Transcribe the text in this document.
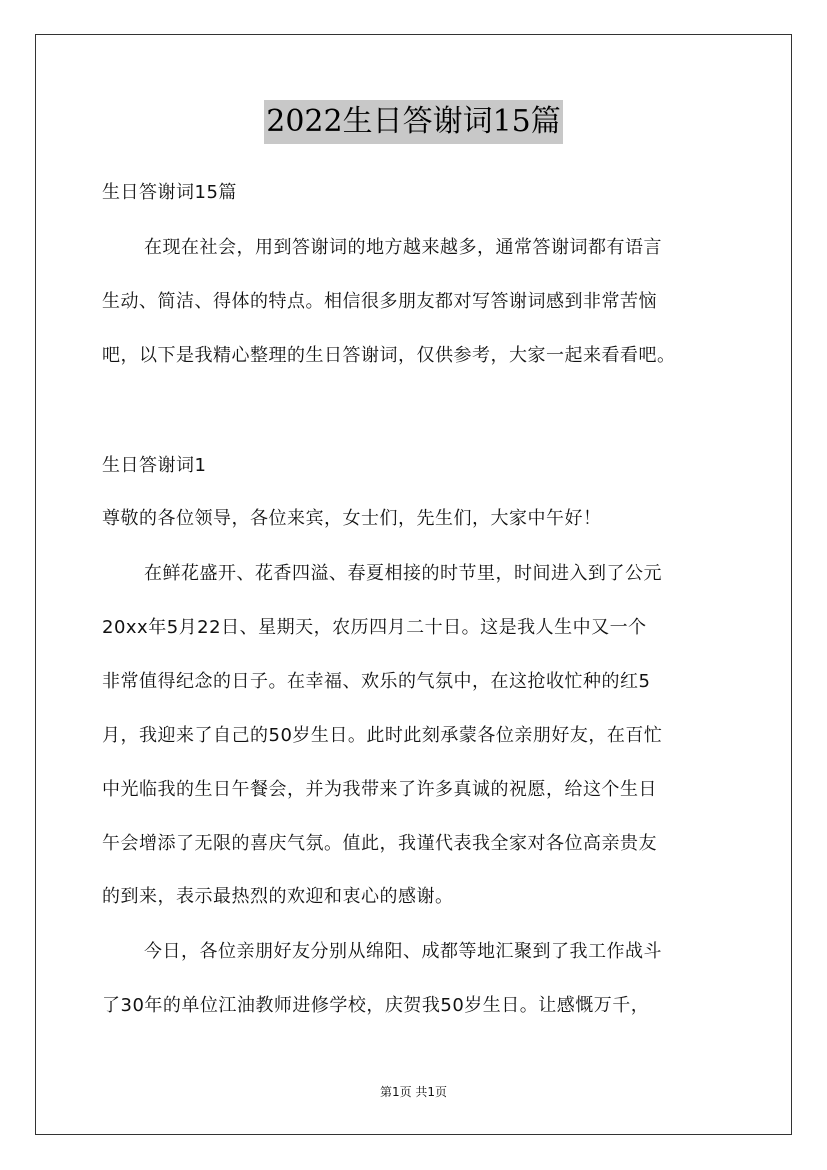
2022生日答谢词15篇
生日答谢词15篇
在现在社会，用到答谢词的地方越来越多，通常答谢词都有语言
生动、简洁、得体的特点。相信很多朋友都对写答谢词感到非常苦恼
吧，以下是我精心整理的生日答谢词，仅供参考，大家一起来看看吧。
生日答谢词1
尊敬的各位领导，各位来宾，女士们，先生们，大家中午好！
在鲜花盛开、花香四溢、春夏相接的时节里，时间进入到了公元
20xx年5月22日、星期天，农历四月二十日。这是我人生中又一个
非常值得纪念的日子。在幸福、欢乐的气氛中，在这抢收忙种的红5
月，我迎来了自己的50岁生日。此时此刻承蒙各位亲朋好友，在百忙
中光临我的生日午餐会，并为我带来了许多真诚的祝愿，给这个生日
午会增添了无限的喜庆气氛。值此，我谨代表我全家对各位高亲贵友
的到来，表示最热烈的欢迎和衷心的感谢。
今日，各位亲朋好友分别从绵阳、成都等地汇聚到了我工作战斗
了30年的单位江油教师进修学校，庆贺我50岁生日。让感慨万千，
第1页 共1页
